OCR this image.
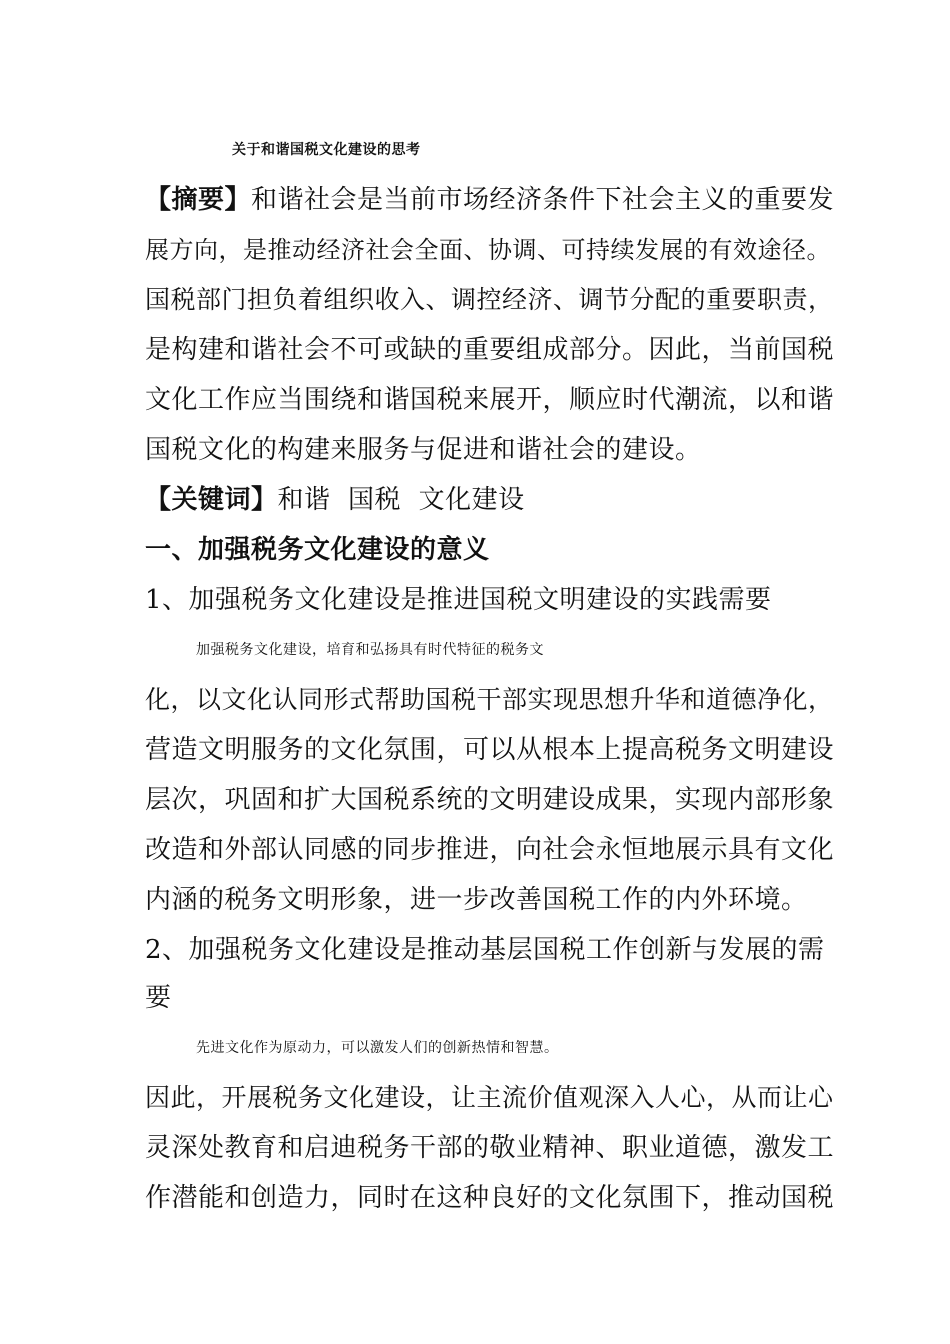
关于和谐国税文化建设的思考
【摘要】和谐社会是当前市场经济条件下社会主义的重要发
展方向，是推动经济社会全面、协调、可持续发展的有效途径。
国税部门担负着组织收入、调控经济、调节分配的重要职责，
是构建和谐社会不可或缺的重要组成部分。因此，当前国税
文化工作应当围绕和谐国税来展开，顺应时代潮流，以和谐
国税文化的构建来服务与促进和谐社会的建设。
【关键词】和谐  国税  文化建设
一、加强税务文化建设的意义
1、加强税务文化建设是推进国税文明建设的实践需要
加强税务文化建设，培育和弘扬具有时代特征的税务文
化，以文化认同形式帮助国税干部实现思想升华和道德净化，
营造文明服务的文化氛围，可以从根本上提高税务文明建设
层次，巩固和扩大国税系统的文明建设成果，实现内部形象
改造和外部认同感的同步推进，向社会永恒地展示具有文化
内涵的税务文明形象，进一步改善国税工作的内外环境。
2、加强税务文化建设是推动基层国税工作创新与发展的需
要
先进文化作为原动力，可以激发人们的创新热情和智慧。
因此，开展税务文化建设，让主流价值观深入人心，从而让心
灵深处教育和启迪税务干部的敬业精神、职业道德，激发工
作潜能和创造力，同时在这种良好的文化氛围下，推动国税
